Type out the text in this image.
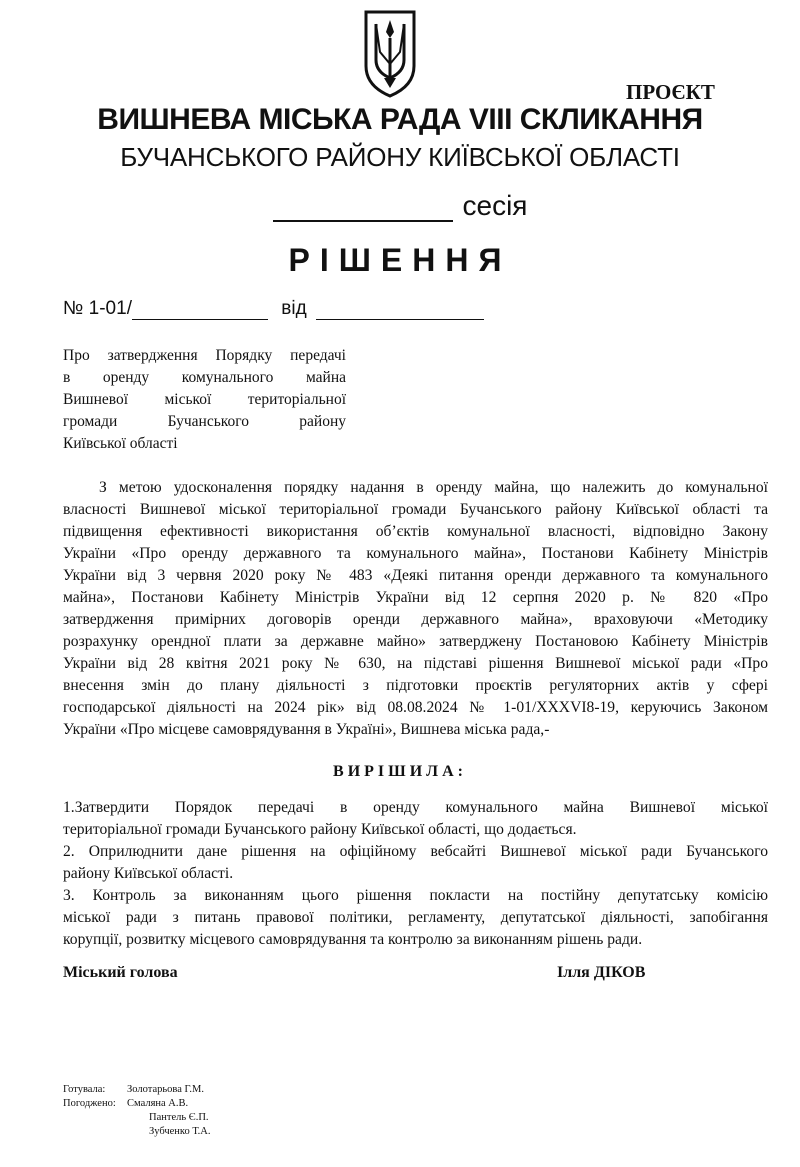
ПРОЄКТ
ВИШНЕВА МІСЬКА РАДА VIII СКЛИКАННЯ
БУЧАНСЬКОГО РАЙОНУ КИЇВСЬКОЇ ОБЛАСТІ
сесія
РІШЕННЯ
№ 1-01/	від
Про затвердження Порядку передачі
в оренду комунального майна
Вишневої міської територіальної
громади Бучанського району
Київської області
З метою удосконалення порядку надання в оренду майна, що належить до комунальної
власності Вишневої міської територіальної громади Бучанського району Київської області та
підвищення ефективності використання об’єктів комунальної власності, відповідно Закону
України «Про оренду державного та комунального майна», Постанови Кабінету Міністрів
України від 3 червня 2020 року № 483 «Деякі питання оренди державного та комунального
майна», Постанови Кабінету Міністрів України від 12 серпня 2020 р. № 820 «Про
затвердження примірних договорів оренди державного майна», враховуючи «Методику
розрахунку орендної плати за державне майно» затверджену Постановою Кабінету Міністрів
України від 28 квітня 2021 року № 630, на підставі рішення Вишневої міської ради «Про
внесення змін до плану діяльності з підготовки проєктів регуляторних актів у сфері
господарської діяльності на 2024 рік» від 08.08.2024 № 1-01/XXXVI8-19, керуючись Законом
України «Про місцеве самоврядування в Україні», Вишнева міська рада,-
ВИРІШИЛА:
1.Затвердити Порядок передачі в оренду комунального майна Вишневої міської
територіальної громади Бучанського району Київської області, що додається.
2. Оприлюднити дане рішення на офіційному вебсайті Вишневої міської ради Бучанського
району Київської області.
3. Контроль за виконанням цього рішення покласти на постійну депутатську комісію
міської ради з питань правової політики, регламенту, депутатської діяльності, запобігання
корупції, розвитку місцевого самоврядування та контролю за виконанням рішень ради.
Міський голова	Ілля ДІКОВ
Готувала: Золотарьова Г.М.
Погоджено: Смаляна А.В.
Пантель Є.П.
Зубченко Т.А.
